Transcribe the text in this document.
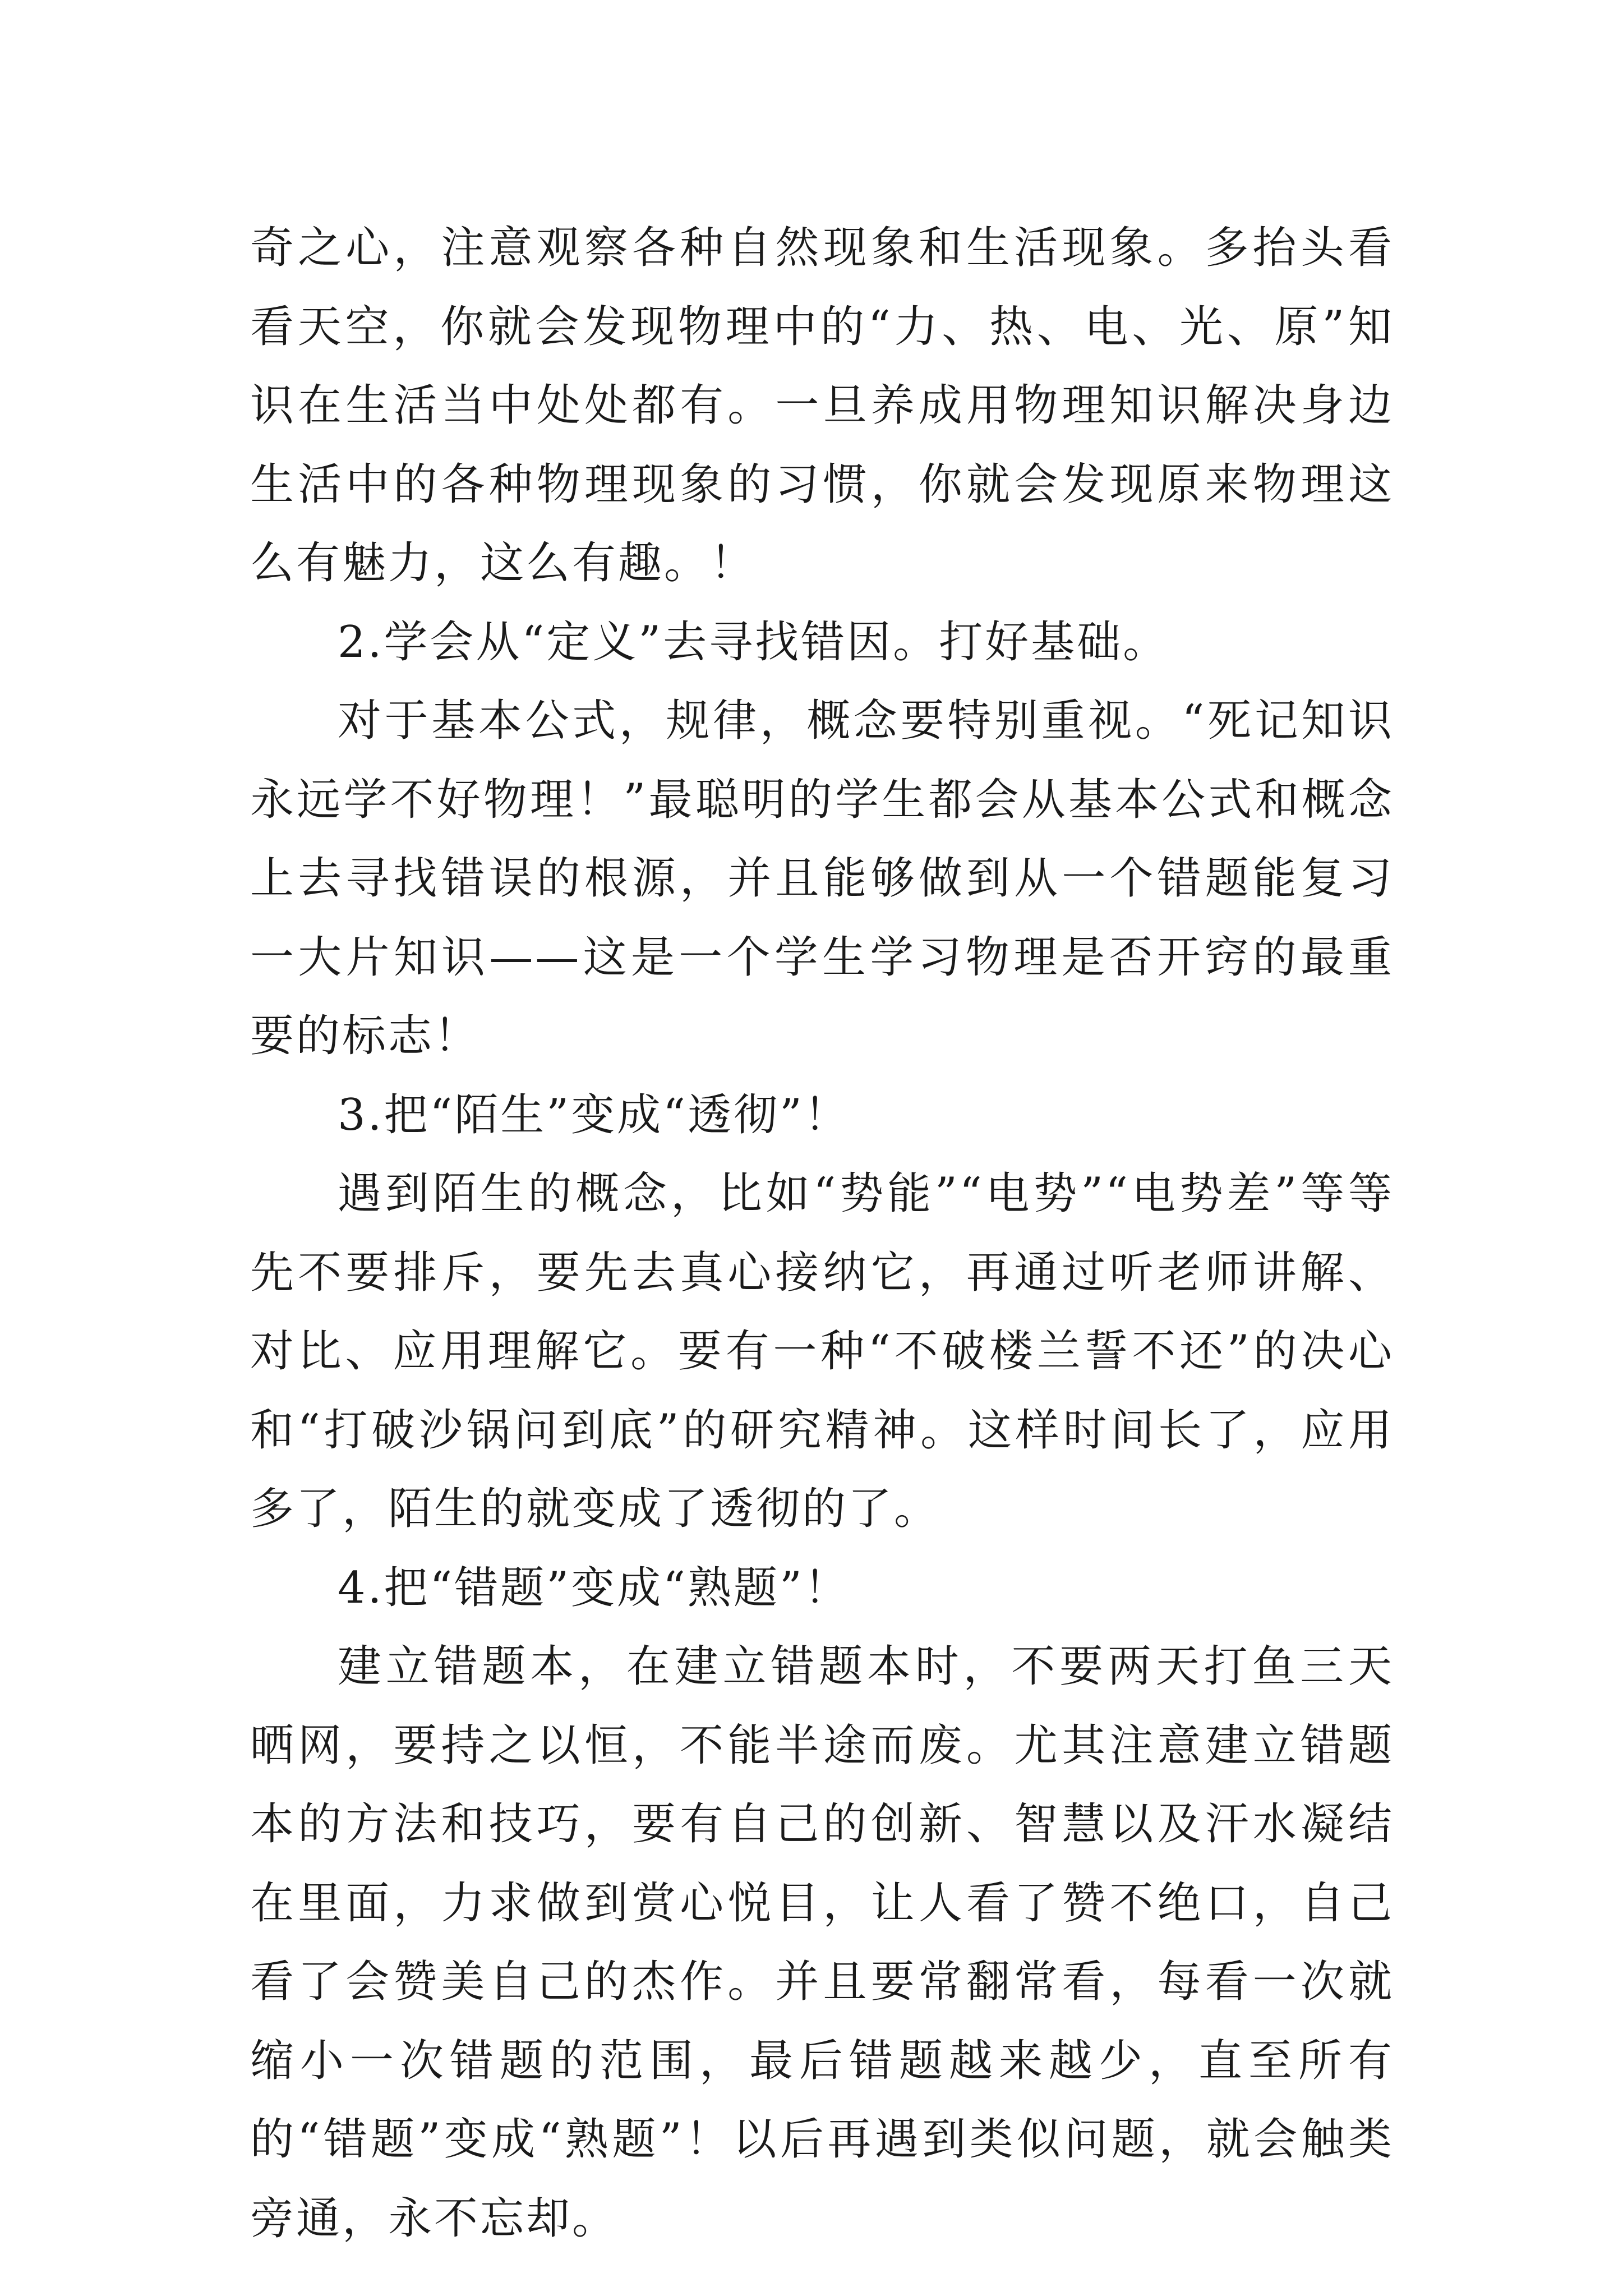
奇之心，注意观察各种自然现象和生活现象。多抬头看看天空，你就会发现物理中的“力、热、电、光、原”知识在生活当中处处都有。一旦养成用物理知识解决身边生活中的各种物理现象的习惯，你就会发现原来物理这么有魅力，这么有趣。！

2.学会从“定义”去寻找错因。打好基础。

对于基本公式，规律，概念要特别重视。“死记知识永远学不好物理！”最聪明的学生都会从基本公式和概念上去寻找错误的根源，并且能够做到从一个错题能复习一大片知识——这是一个学生学习物理是否开窍的最重要的标志！

3.把“陌生”变成“透彻”！

遇到陌生的概念，比如“势能”“电势”“电势差”等等先不要排斥，要先去真心接纳它，再通过听老师讲解、对比、应用理解它。要有一种“不破楼兰誓不还”的决心和“打破沙锅问到底”的研究精神。这样时间长了，应用多了，陌生的就变成了透彻的了。

4.把“错题”变成“熟题”！

建立错题本，在建立错题本时，不要两天打鱼三天晒网，要持之以恒，不能半途而废。尤其注意建立错题本的方法和技巧，要有自己的创新、智慧以及汗水凝结在里面，力求做到赏心悦目，让人看了赞不绝口，自己看了会赞美自己的杰作。并且要常翻常看，每看一次就缩小一次错题的范围，最后错题越来越少，直至所有的“错题”变成“熟题”！以后再遇到类似问题，就会触类旁通，永不忘却。
